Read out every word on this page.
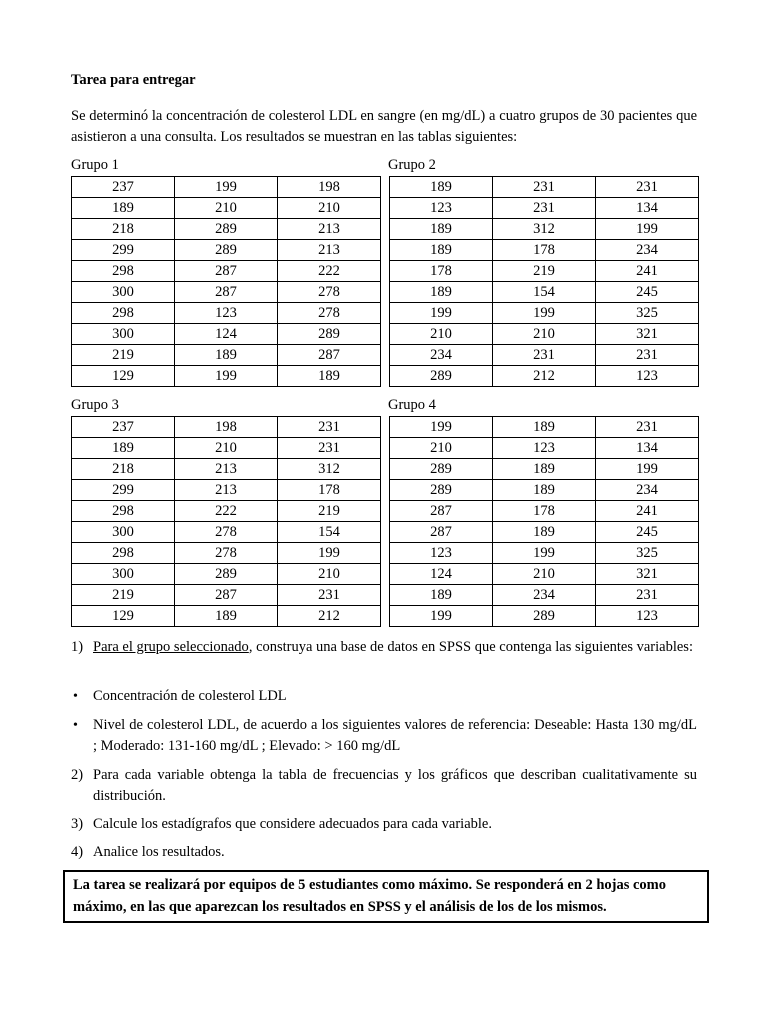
Tarea para entregar
Se determinó la concentración de colesterol LDL en sangre (en mg/dL) a cuatro grupos de 30 pacientes que asistieron a una consulta. Los resultados se muestran en las tablas siguientes:
Grupo 1	Grupo 2
Grupo 3	Grupo 4
237	199	198
189	210	210
218	289	213
299	289	213
298	287	222
300	287	278
298	123	278
300	124	289
219	189	287
129	199	189
189	231	231
123	231	134
189	312	199
189	178	234
178	219	241
189	154	245
199	199	325
210	210	321
234	231	231
289	212	123
237	198	231
189	210	231
218	213	312
299	213	178
298	222	219
300	278	154
298	278	199
300	289	210
219	287	231
129	189	212
199	189	231
210	123	134
289	189	199
289	189	234
287	178	241
287	189	245
123	199	325
124	210	321
189	234	231
199	289	123
1) Para el grupo seleccionado, construya una base de datos en SPSS que contenga las siguientes variables:
• Concentración de colesterol LDL
• Nivel de colesterol LDL, de acuerdo a los siguientes valores de referencia: Deseable: Hasta 130 mg/dL ; Moderado: 131-160 mg/dL ; Elevado: > 160 mg/dL
2) Para cada variable obtenga la tabla de frecuencias y los gráficos que describan cualitativamente su distribución.
3) Calcule los estadígrafos que considere adecuados para cada variable.
4) Analice los resultados.
La tarea se realizará por equipos de 5 estudiantes como máximo. Se responderá en 2 hojas como máximo, en las que aparezcan los resultados en SPSS y el análisis de los de los mismos.
